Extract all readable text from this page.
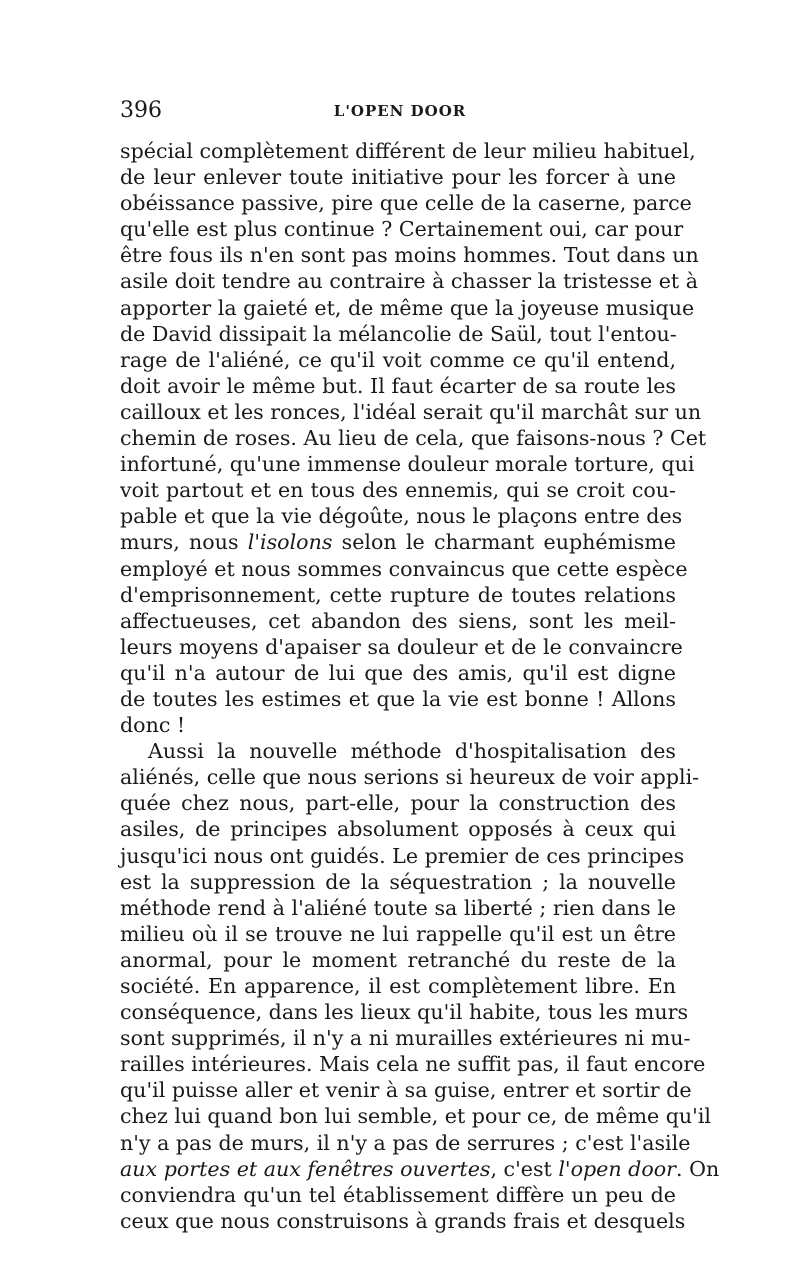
396	L'OPEN DOOR
spécial complètement différent de leur milieu habituel,
de leur enlever toute initiative pour les forcer à une
obéissance passive, pire que celle de la caserne, parce
qu'elle est plus continue ? Certainement oui, car pour
être fous ils n'en sont pas moins hommes. Tout dans un
asile doit tendre au contraire à chasser la tristesse et à
apporter la gaieté et, de même que la joyeuse musique
de David dissipait la mélancolie de Saül, tout l'entou-
rage de l'aliéné, ce qu'il voit comme ce qu'il entend,
doit avoir le même but. Il faut écarter de sa route les
cailloux et les ronces, l'idéal serait qu'il marchât sur un
chemin de roses. Au lieu de cela, que faisons-nous ? Cet
infortuné, qu'une immense douleur morale torture, qui
voit partout et en tous des ennemis, qui se croit cou-
pable et que la vie dégoûte, nous le plaçons entre des
murs, nous l'isolons selon le charmant euphémisme
employé et nous sommes convaincus que cette espèce
d'emprisonnement, cette rupture de toutes relations
affectueuses, cet abandon des siens, sont les meil-
leurs moyens d'apaiser sa douleur et de le convaincre
qu'il n'a autour de lui que des amis, qu'il est digne
de toutes les estimes et que la vie est bonne ! Allons
donc !
Aussi la nouvelle méthode d'hospitalisation des
aliénés, celle que nous serions si heureux de voir appli-
quée chez nous, part-elle, pour la construction des
asiles, de principes absolument opposés à ceux qui
jusqu'ici nous ont guidés. Le premier de ces principes
est la suppression de la séquestration ; la nouvelle
méthode rend à l'aliéné toute sa liberté ; rien dans le
milieu où il se trouve ne lui rappelle qu'il est un être
anormal, pour le moment retranché du reste de la
société. En apparence, il est complètement libre. En
conséquence, dans les lieux qu'il habite, tous les murs
sont supprimés, il n'y a ni murailles extérieures ni mu-
railles intérieures. Mais cela ne suffit pas, il faut encore
qu'il puisse aller et venir à sa guise, entrer et sortir de
chez lui quand bon lui semble, et pour ce, de même qu'il
n'y a pas de murs, il n'y a pas de serrures ; c'est l'asile
aux portes et aux fenêtres ouvertes, c'est l'open door. On
conviendra qu'un tel établissement diffère un peu de
ceux que nous construisons à grands frais et desquels
